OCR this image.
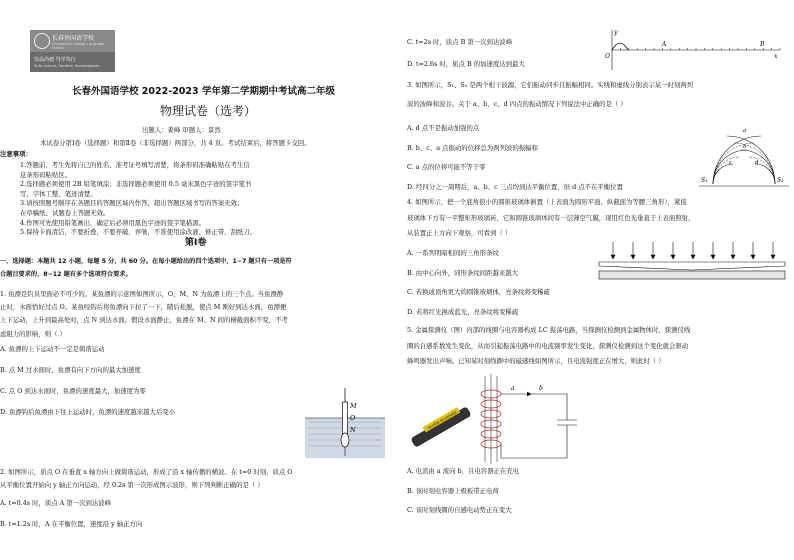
长春外国语学校
Changchun Foreign Language School
崇品尚德 笃学笃行
To Be Learned, Sensitive, Knowledgeable
长春外国语学校 2022-2023 学年第二学期期中考试高二年级
物理试卷（选考）
出题人：姜峰 审题人：景然
本试卷分第Ⅰ卷（选择题）和第Ⅱ卷（非选择题）两部分，共 4 页。考试结束后，将答题卡交回。
注意事项：
1.答题前，考生先将自己的姓名、准考证号填写清楚，将条形码准确粘贴在考生信
息条形码粘贴区。
2.选择题必须使用 2B 铅笔填涂；非选择题必须使用 0.5 毫米黑色字迹的签字笔书
写，字体工整、笔迹清楚。
3.请按照题号顺序在各题目的答题区域内作答，超出答题区域书写的答案无效；
在草稿纸、试题卷上答题无效。
4.作图可先使用铅笔画出，确定后必须用黑色字迹的签字笔描黑。
5.保持卡面清洁，不要折叠，不要弄破、弄皱，不准使用涂改液、修正带、刮纸刀。
第Ⅰ卷
一、选择题：本题共 12 小题，每题 5 分，共 60 分。在每小题给出的四个选项中，1~7 题只有一项是符
合题目要求的，8~12 题有多个选项符合要求。
1. 鱼漂是钓具里面必不可少的。某鱼漂的示意图如图所示，O、M、N 为鱼漂上的三个点。当鱼漂静
止时，水面恰好过点 O。某鱼咬钩后将鱼漂向下拉了一下，随后松脱，使点 M 刚好到达水面，鱼漂便
上下运动，上升到最高处时，点 N 到达水面。假设水面静止，鱼漂在 M、N 间的横截面积不变，不考
虑阻力的影响，则（ ）
A. 鱼漂的上下运动不一定是简谐运动
B. 点 M 过水面时，鱼漂有向下方向的最大加速度
C. 点 O 到达水面时，鱼漂的速度最大，加速度为零
D. 鱼漂钩后鱼漂由下往上运动时，鱼漂的速度越来越大后变小
M
O
N
2. 如图所示，质点 O 在垂直 x 轴方向上做简谐运动，形成了沿 x 轴传播的横波。在 t=0 时刻，质点 O
从平衡位置开始向 y 轴正方向运动，经 0.2s 第一次形成图示波形，则下列判断正确的是（ ）
A. t=0.4s 时，质点 A 第一次到达波峰
B. t=1.2s 时，A 在平衡位置，速度沿 y 轴正方向
C. t=2s 时，质点 B 第一次到达波峰
D. t=2.6s 时，质点 B 的加速度达到最大
y
O	x
A	B
3. 如图所示，S₁、S₂ 是两个相干波源，它们振动同步且振幅相同。实线和虚线分别表示某一时刻两列
波的波峰和波谷。关于 a、b、c、d 四点的振动情况下列说法中正确的是（ ）
A. d 点不是振动加强的点
B. b、c、a 点振动的位移总为两列波的振幅和
C. a 点的位移可能不等于零
D. 经四分之一周期后，a、b、c 三点均到达平衡位置，但 d 点不在平衡位置
S₁	S₂
a
b
c	d
4. 如图所示，把一个底角很小的圆锥玻璃体倒置（上表面为圆形平面，纵截面为等腰三角形），紧接
玻璃体下方有一平整矩形玻璃砖，它和圆锥玻璃体间有一层薄空气膜，现用红色光垂直于上表面照射，
从装置正上方向下观察，可看到（ ）
A. 一系列明暗相间的三角形条纹
B. 由中心向外，同形条纹间距越来越大
C. 若换成顶角更大的圆锥玻璃体，亮条纹将变稀疏
D. 若将红光换成蓝光，亮条纹将变稀疏
5. 金属探测仪（图）内部的线圈与电容器构成 LC 振荡电路，当探测仪检测到金属物体时，探测仪线
圈的自感系数发生变化，从而引起振荡电路中的电流频率发生变化，探测仪检测到这个变化就会驱动
蜂鸣器发出声响。已知某时刻线圈中的磁感线如图所示，且电流强度正在增大，则此时（ ）
A. 电流由 a 流向 b，且电容器正在充电
B. 该时刻电容器上极板带正电荷
C. 该时刻线圈的自感电动势正在变大
SUPER SCANNER
a	b
